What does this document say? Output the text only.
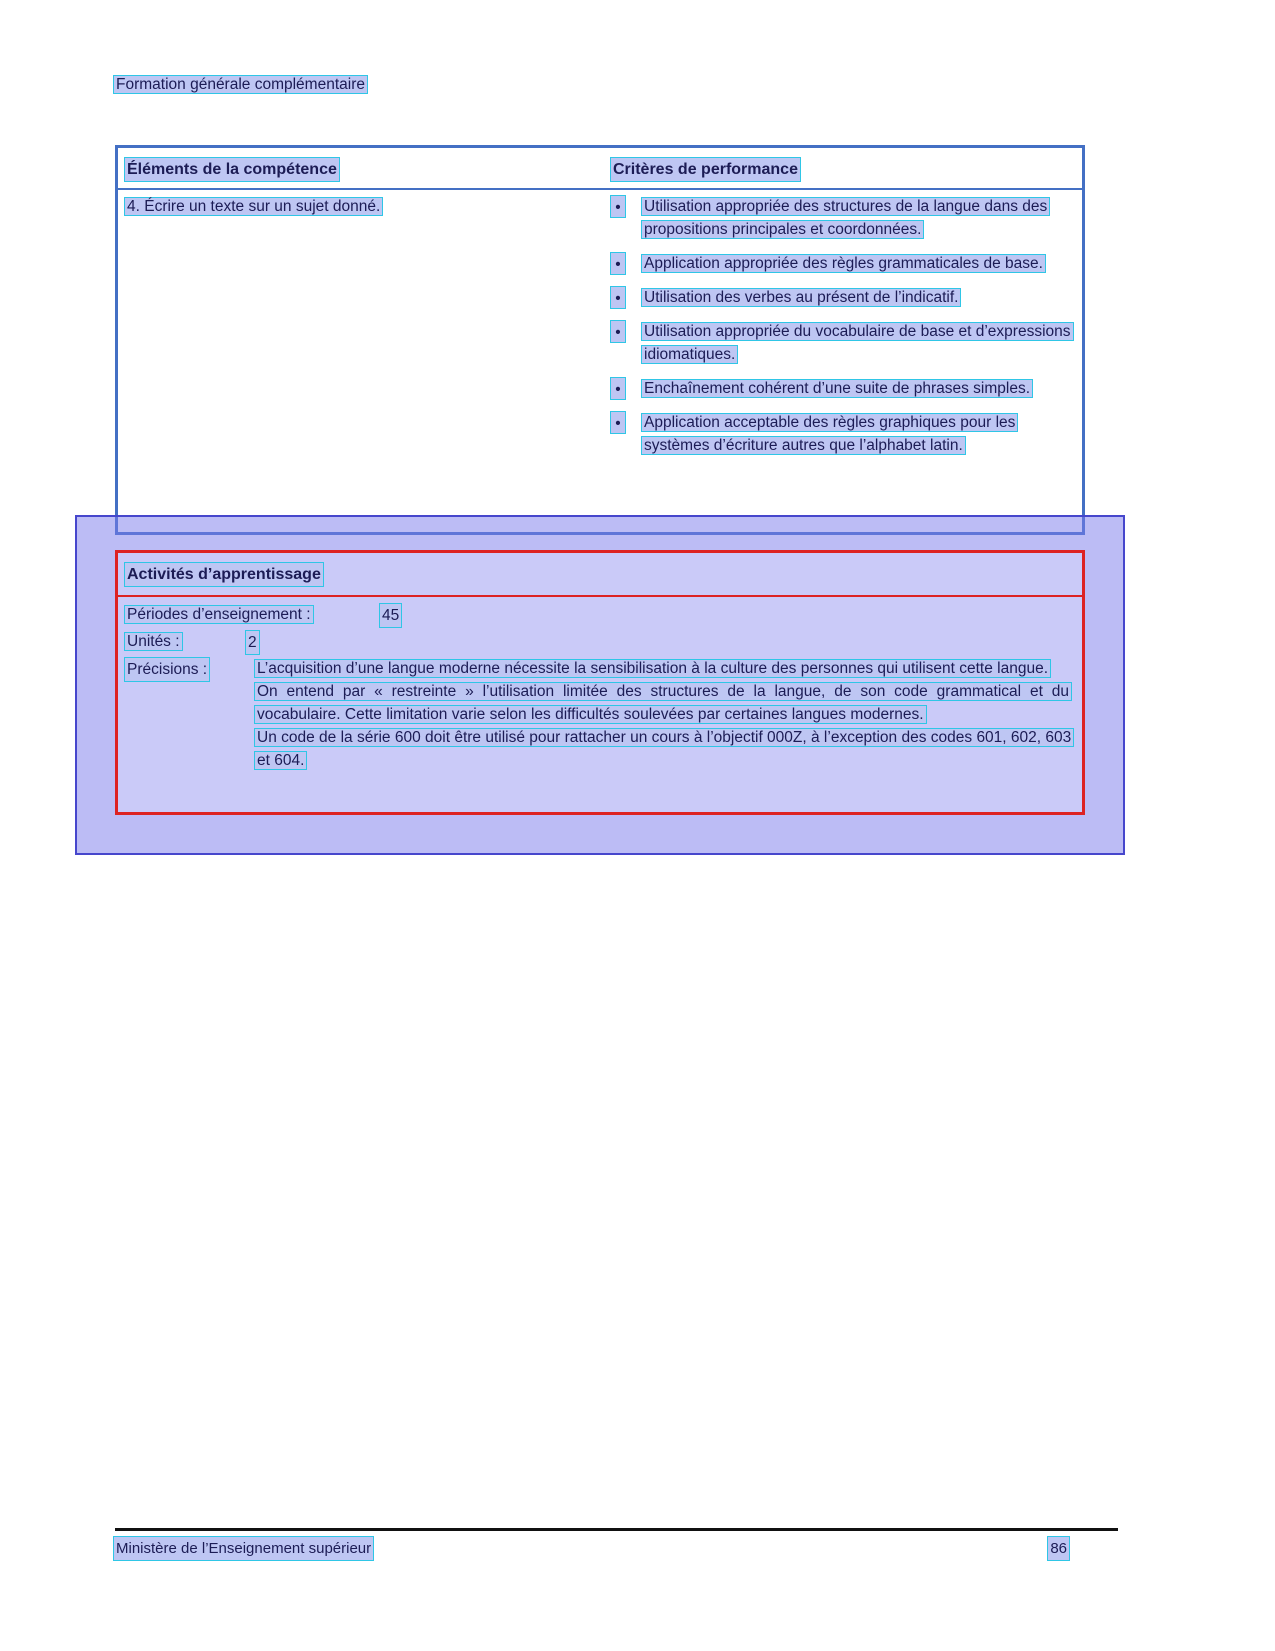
Formation générale complémentaire
Éléments de la compétence	Critères de performance
4. Écrire un texte sur un sujet donné.	•	Utilisation appropriée des structures de la langue dans des propositions principales et coordonnées.
•	Application appropriée des règles grammaticales de base.
•	Utilisation des verbes au présent de l’indicatif.
•	Utilisation appropriée du vocabulaire de base et d’expressions idiomatiques.
•	Enchaînement cohérent d’une suite de phrases simples.
•	Application acceptable des règles graphiques pour les systèmes d’écriture autres que l’alphabet latin.
Activités d’apprentissage
Périodes d’enseignement :	45
Unités :	2
Précisions :	L’acquisition d’une langue moderne nécessite la sensibilisation à la culture des personnes qui utilisent cette langue.

On entend par « restreinte » l’utilisation limitée des structures de la langue, de son code grammatical et du vocabulaire. Cette limitation varie selon les difficultés soulevées par certaines langues modernes.

Un code de la série 600 doit être utilisé pour rattacher un cours à l’objectif 000Z, à l’exception des codes 601, 602, 603 et 604.

Ministère de l’Enseignement supérieur	86
